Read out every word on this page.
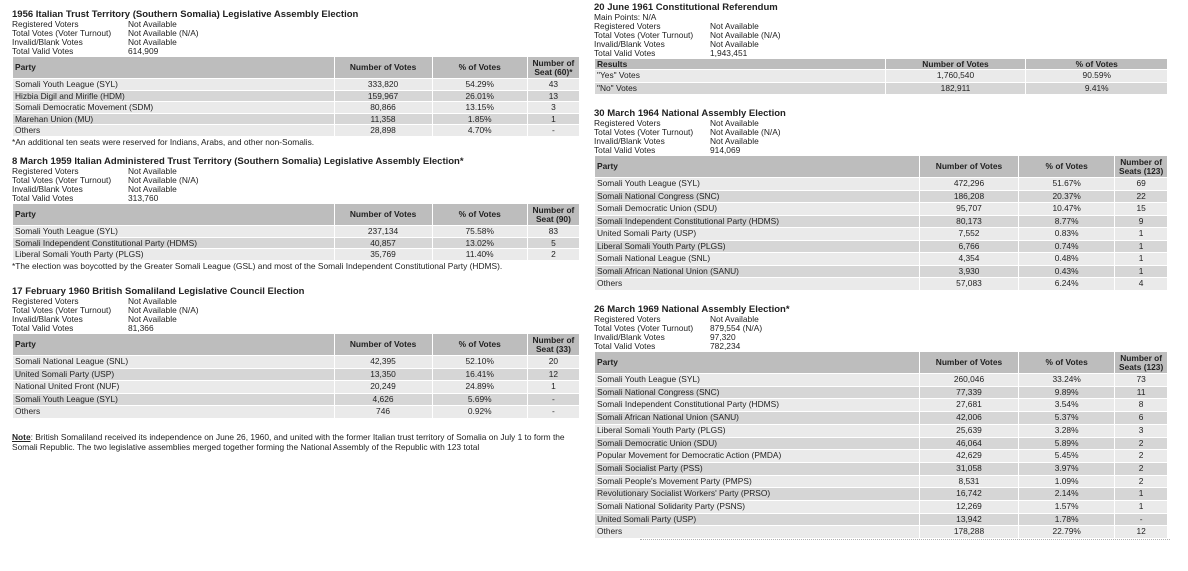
1956 Italian Trust Territory (Southern Somalia) Legislative Assembly Election
Registered Voters	Not Available
Total Votes (Voter Turnout)	Not Available (N/A)
Invalid/Blank Votes	Not Available
Total Valid Votes	614,909
Party	Number of Votes	% of Votes	Number of Seat (60)*
Somali Youth League (SYL)	333,820	54.29%	43
Hizbia Digil and Mirifle (HDM)	159,967	26.01%	13
Somali Democratic Movement (SDM)	80,866	13.15%	3
Marehan Union (MU)	11,358	1.85%	1
Others	28,898	4.70%	-
*An additional ten seats were reserved for Indians, Arabs, and other non-Somalis.
8 March 1959 Italian Administered Trust Territory (Southern Somalia) Legislative Assembly Election*
Registered Voters	Not Available
Total Votes (Voter Turnout)	Not Available (N/A)
Invalid/Blank Votes	Not Available
Total Valid Votes	313,760
Party	Number of Votes	% of Votes	Number of Seat (90)
Somali Youth League (SYL)	237,134	75.58%	83
Somali Independent Constitutional Party (HDMS)	40,857	13.02%	5
Liberal Somali Youth Party (PLGS)	35,769	11.40%	2
*The election was boycotted by the Greater Somali League (GSL) and most of the Somali Independent Constitutional Party (HDMS).
17 February 1960 British Somaliland Legislative Council Election
Registered Voters	Not Available
Total Votes (Voter Turnout)	Not Available (N/A)
Invalid/Blank Votes	Not Available
Total Valid Votes	81,366
Party	Number of Votes	% of Votes	Number of Seat (33)
Somali National League (SNL)	42,395	52.10%	20
United Somali Party (USP)	13,350	16.41%	12
National United Front (NUF)	20,249	24.89%	1
Somali Youth League (SYL)	4,626	5.69%	-
Others	746	0.92%	-
Note: British Somaliland received its independence on June 26, 1960, and united with the former Italian trust territory of Somalia on July 1 to form the Somali Republic. The two legislative assemblies merged together forming the National Assembly of the Republic with 123 total
20 June 1961 Constitutional Referendum
Main Points: N/A
Registered Voters	Not Available
Total Votes (Voter Turnout)	Not Available (N/A)
Invalid/Blank Votes	Not Available
Total Valid Votes	1,943,451
Results	Number of Votes	% of Votes
"Yes" Votes	1,760,540	90.59%
"No" Votes	182,911	9.41%
30 March 1964 National Assembly Election
Registered Voters	Not Available
Total Votes (Voter Turnout)	Not Available (N/A)
Invalid/Blank Votes	Not Available
Total Valid Votes	914,069
Party	Number of Votes	% of Votes	Number of Seats (123)
Somali Youth League (SYL)	472,296	51.67%	69
Somali National Congress (SNC)	186,208	20.37%	22
Somali Democratic Union (SDU)	95,707	10.47%	15
Somali Independent Constitutional Party (HDMS)	80,173	8.77%	9
United Somali Party (USP)	7,552	0.83%	1
Liberal Somali Youth Party (PLGS)	6,766	0.74%	1
Somali National League (SNL)	4,354	0.48%	1
Somali African National Union (SANU)	3,930	0.43%	1
Others	57,083	6.24%	4
26 March 1969 National Assembly Election*
Registered Voters	Not Available
Total Votes (Voter Turnout)	879,554 (N/A)
Invalid/Blank Votes	97,320
Total Valid Votes	782,234
Party	Number of Votes	% of Votes	Number of Seats (123)
Somali Youth League (SYL)	260,046	33.24%	73
Somali National Congress (SNC)	77,339	9.89%	11
Somali Independent Constitutional Party (HDMS)	27,681	3.54%	8
Somali African National Union (SANU)	42,006	5.37%	6
Liberal Somali Youth Party (PLGS)	25,639	3.28%	3
Somali Democratic Union (SDU)	46,064	5.89%	2
Popular Movement for Democratic Action (PMDA)	42,629	5.45%	2
Somali Socialist Party (PSS)	31,058	3.97%	2
Somali People's Movement Party (PMPS)	8,531	1.09%	2
Revolutionary Socialist Workers' Party (PRSO)	16,742	2.14%	1
Somali National Solidarity Party (PSNS)	12,269	1.57%	1
United Somali Party (USP)	13,942	1.78%	-
Others	178,288	22.79%	12
